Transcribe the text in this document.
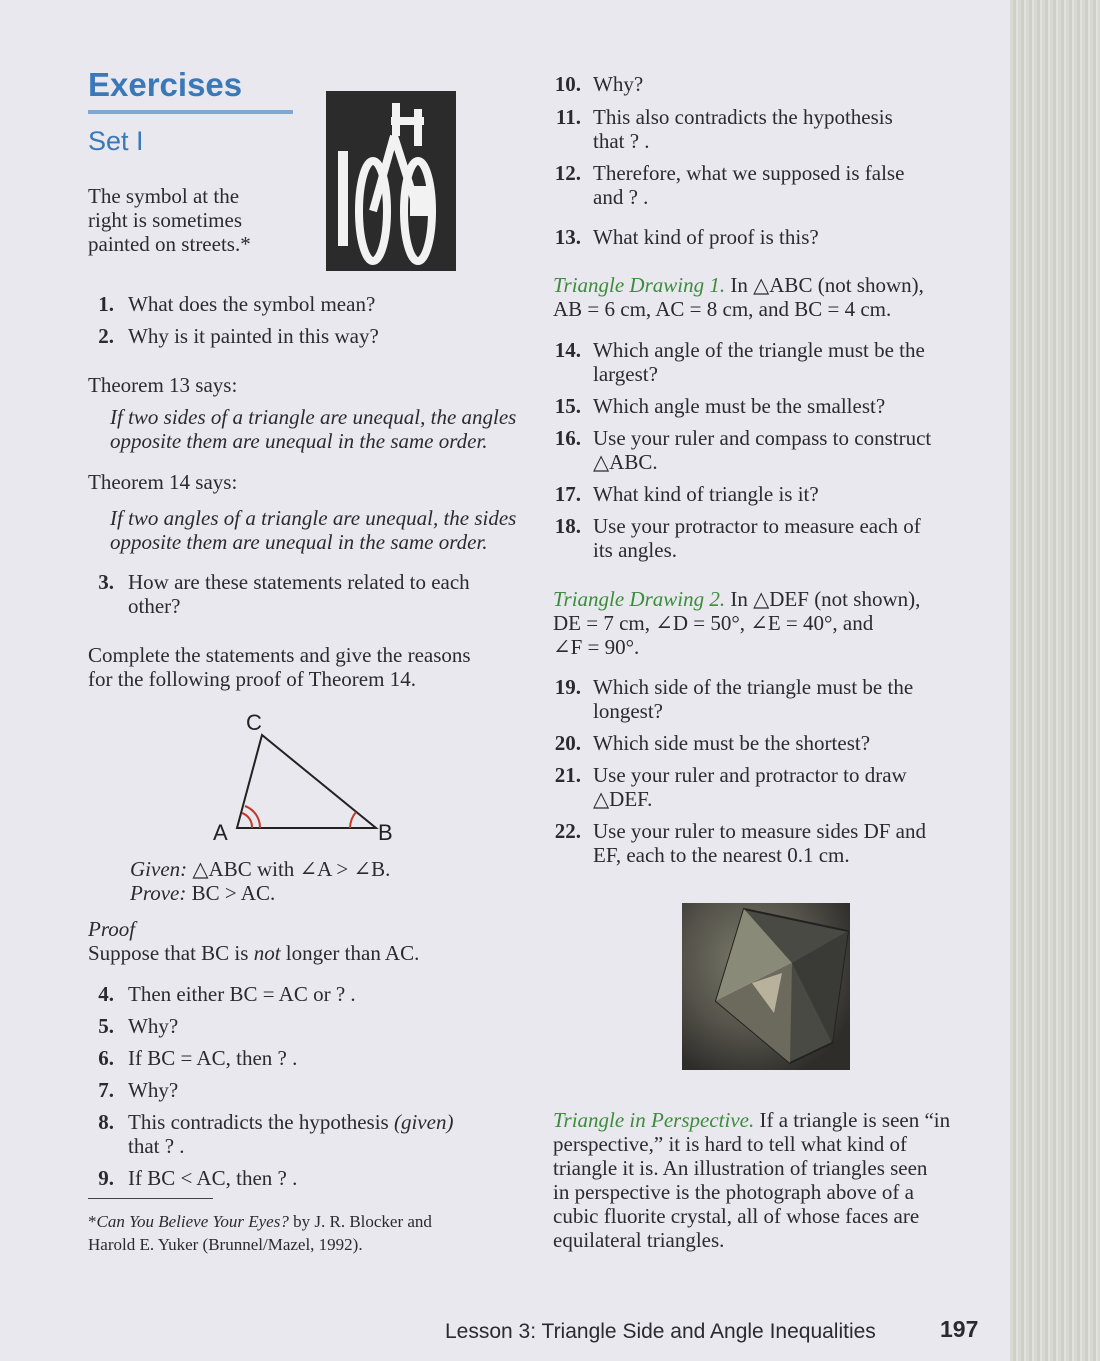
Exercises
Set I
The symbol at the
right is sometimes
painted on streets.*
1. What does the symbol mean?
2. Why is it painted in this way?
Theorem 13 says:
If two sides of a triangle are unequal, the angles
opposite them are unequal in the same order.
Theorem 14 says:
If two angles of a triangle are unequal, the sides
opposite them are unequal in the same order.
3. How are these statements related to each
other?
Complete the statements and give the reasons
for the following proof of Theorem 14.
C
A	B
Given: △ABC with ∠A > ∠B.
Prove: BC > AC.
Proof
Suppose that BC is not longer than AC.
4. Then either BC = AC or ? .
5. Why?
6. If BC = AC, then ? .
7. Why?
8. This contradicts the hypothesis (given)
that ? .
9. If BC < AC, then ? .
*Can You Believe Your Eyes? by J. R. Blocker and
Harold E. Yuker (Brunnel/Mazel, 1992).
10. Why?
11. This also contradicts the hypothesis
that ? .
12. Therefore, what we supposed is false
and ? .
13. What kind of proof is this?
Triangle Drawing 1. In △ABC (not shown),
AB = 6 cm, AC = 8 cm, and BC = 4 cm.
14. Which angle of the triangle must be the
largest?
15. Which angle must be the smallest?
16. Use your ruler and compass to construct
△ABC.
17. What kind of triangle is it?
18. Use your protractor to measure each of
its angles.
Triangle Drawing 2. In △DEF (not shown),
DE = 7 cm, ∠D = 50°, ∠E = 40°, and
∠F = 90°.
19. Which side of the triangle must be the
longest?
20. Which side must be the shortest?
21. Use your ruler and protractor to draw
△DEF.
22. Use your ruler to measure sides DF and
EF, each to the nearest 0.1 cm.
Triangle in Perspective. If a triangle is seen “in
perspective,” it is hard to tell what kind of
triangle it is. An illustration of triangles seen
in perspective is the photograph above of a
cubic fluorite crystal, all of whose faces are
equilateral triangles.
Lesson 3: Triangle Side and Angle Inequalities	197
